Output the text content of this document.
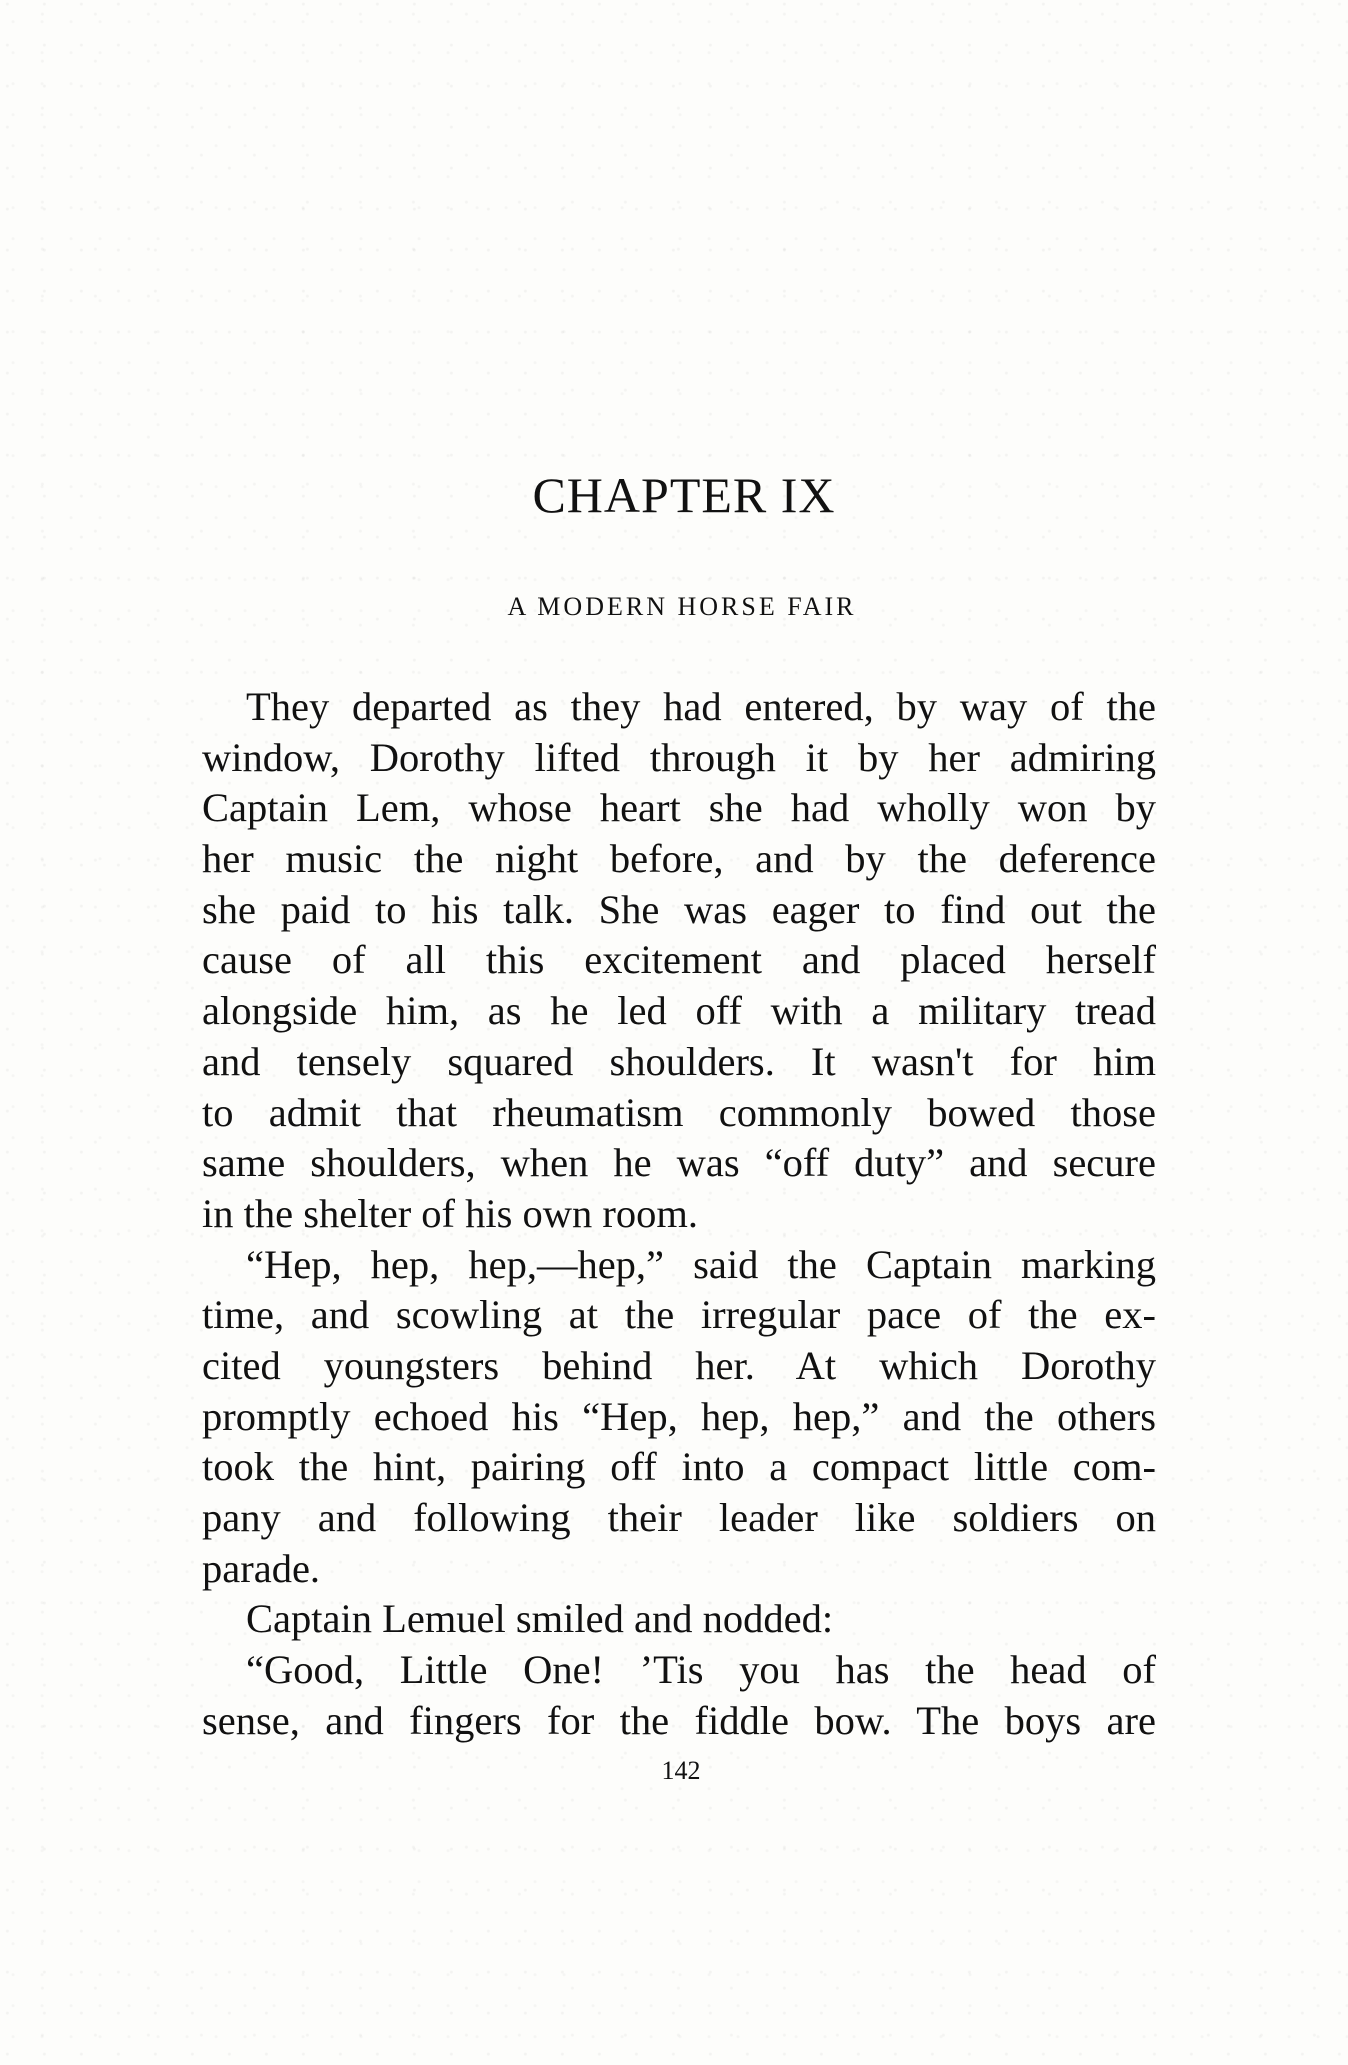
CHAPTER IX
A MODERN HORSE FAIR
They departed as they had entered, by way of the
window, Dorothy lifted through it by her admiring
Captain Lem, whose heart she had wholly won by
her music the night before, and by the deference
she paid to his talk. She was eager to find out the
cause of all this excitement and placed herself
alongside him, as he led off with a military tread
and tensely squared shoulders. It wasn't for him
to admit that rheumatism commonly bowed those
same shoulders, when he was “off duty” and secure
in the shelter of his own room.
“Hep, hep, hep,—hep,” said the Captain marking
time, and scowling at the irregular pace of the ex-
cited youngsters behind her. At which Dorothy
promptly echoed his “Hep, hep, hep,” and the others
took the hint, pairing off into a compact little com-
pany and following their leader like soldiers on
parade.
Captain Lemuel smiled and nodded:
“Good, Little One! ’Tis you has the head of
sense, and fingers for the fiddle bow. The boys are
142
